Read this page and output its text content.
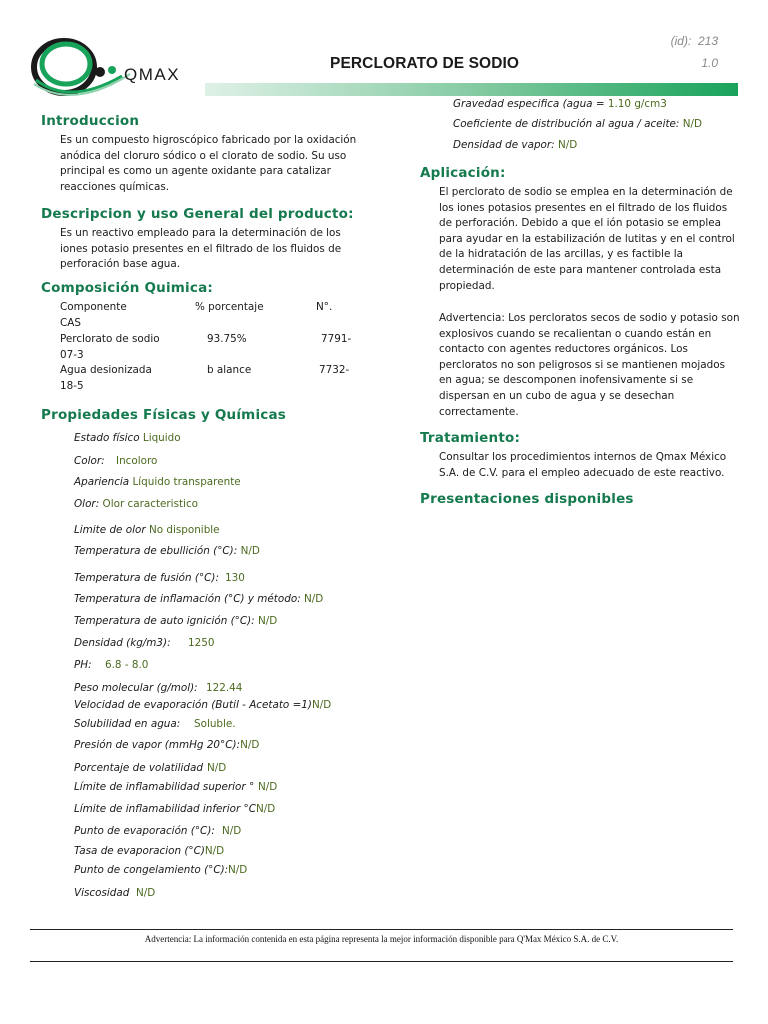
QMAX
PERCLORATO DE SODIO
(id): 213
1.0
Introduccion
Es un compuesto higroscópico fabricado por la oxidación
anódica del cloruro sódico o el clorato de sodio. Su uso
principal es como un agente oxidante para catalizar
reacciones químicas.
Descripcion y uso General del producto:
Es un reactivo empleado para la determinación de los
iones potasio presentes en el filtrado de los fluidos de
perforación base agua.
Composición Quimica:
Componente	% porcentaje	N°.
CAS
Perclorato de sodio	93.75%	7791-
07-3
Agua desionizada	b alance	7732-
18-5
Propiedades Físicas y Químicas
Estado físico Liquido
Color: Incoloro
Apariencia Líquido transparente
Olor: Olor caracteristico
Limite de olor No disponible
Temperatura de ebullición (°C): N/D
Temperatura de fusión (°C): 130
Temperatura de inflamación (°C) y método: N/D
Temperatura de auto ignición (°C): N/D
Densidad (kg/m3): 1250
PH: 6.8 - 8.0
Peso molecular (g/mol): 122.44
Velocidad de evaporación (Butil - Acetato =1)N/D
Solubilidad en agua: Soluble.
Presión de vapor (mmHg 20°C):N/D
Porcentaje de volatilidad N/D
Límite de inflamabilidad superior ° N/D
Límite de inflamabilidad inferior °CN/D
Punto de evaporación (°C): N/D
Tasa de evaporacion (°C)N/D
Punto de congelamiento (°C): N/D
Viscosidad N/D
Gravedad especifica (agua = 1.10 g/cm3
Coeficiente de distribución al agua / aceite: N/D
Densidad de vapor: N/D
Aplicación:
El perclorato de sodio se emplea en la determinación de
los iones potasios presentes en el filtrado de los fluidos
de perforación. Debido a que el ión potasio se emplea
para ayudar en la estabilización de lutitas y en el control
de la hidratación de las arcillas, y es factible la
determinación de este para mantener controlada esta
propiedad.
Advertencia: Los percloratos secos de sodio y potasio son
explosivos cuando se recalientan o cuando están en
contacto con agentes reductores orgánicos. Los
percloratos no son peligrosos si se mantienen mojados
en agua; se descomponen inofensivamente si se
dispersan en un cubo de agua y se desechan
correctamente.
Tratamiento:
Consultar los procedimientos internos de Qmax México
S.A. de C.V. para el empleo adecuado de este reactivo.
Presentaciones disponibles
Advertencia: La información contenida en esta página representa la mejor información disponible para Q'Max México S.A. de C.V.
